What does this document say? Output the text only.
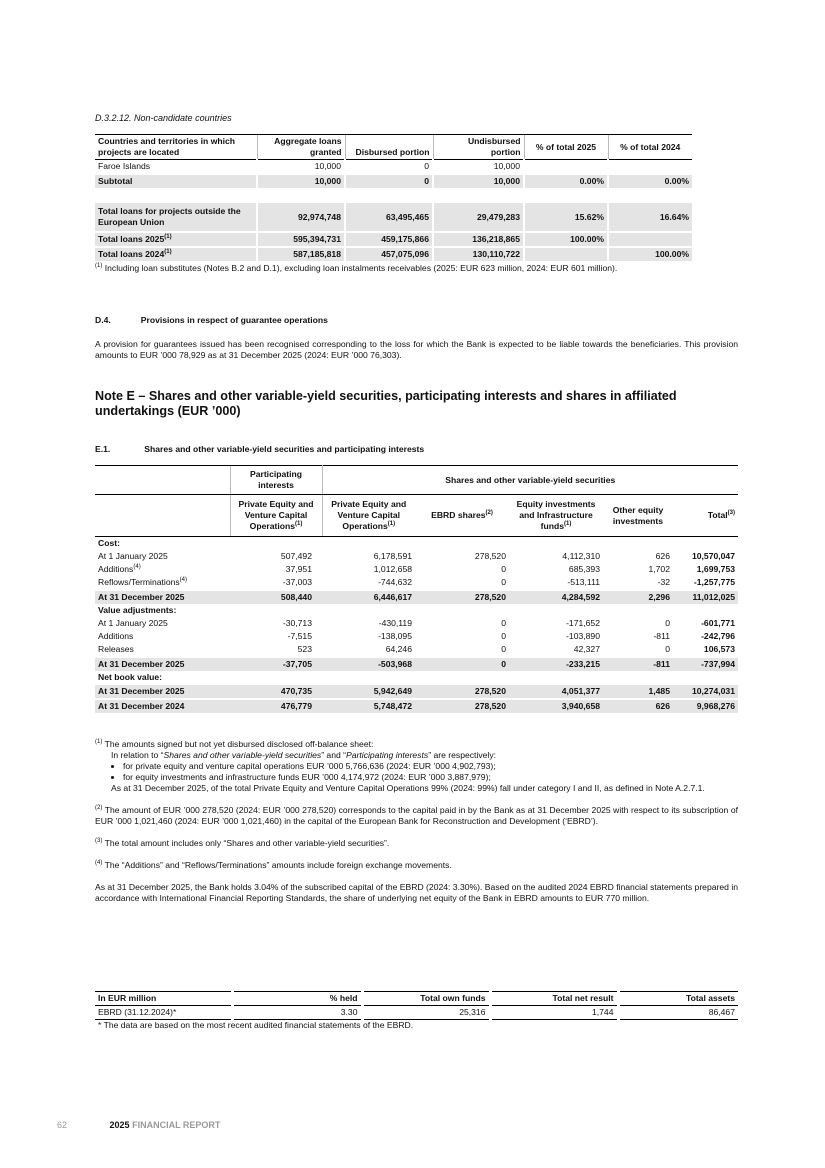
D.3.2.12. Non-candidate countries
Countries and territories in which projects are located	Aggregate loans granted	Disbursed portion	Undisbursed portion	% of total 2025	% of total 2024
Faroe Islands	10,000	0	10,000		
Subtotal	10,000	0	10,000	0.00%	0.00%

Total loans for projects outside the European Union	92,974,748	63,495,465	29,479,283	15.62%	16.64%
Total loans 2025$^{(1)}$	595,394,731	459,175,866	136,218,865	100.00%	
Total loans 2024$^{(1)}$	587,185,818	457,075,096	130,110,722		100.00%
$^{(1)}$ Including loan substitutes (Notes B.2 and D.1), excluding loan instalments receivables (2025: EUR 623 million, 2024: EUR 601 million).
D.4.	Provisions in respect of guarantee operations
A provision for guarantees issued has been recognised corresponding to the loss for which the Bank is expected to be liable towards the beneficiaries. This provision amounts to EUR ’000 78,929 as at 31 December 2025 (2024: EUR ’000 76,303).
Note E – Shares and other variable-yield securities, participating interests and shares in affiliated undertakings (EUR ’000)
E.1.	Shares and other variable-yield securities and participating interests
	Participating interests	Shares and other variable-yield securities				
	Private Equity and Venture Capital Operations$^{(1)}$	Private Equity and Venture Capital Operations$^{(1)}$	EBRD shares$^{(2)}$	Equity investments and Infrastructure funds$^{(1)}$	Other equity investments	Total$^{(3)}$
Cost:						
At 1 January 2025	507,492	6,178,591	278,520	4,112,310	626	10,570,047
Additions$^{(4)}$	37,951	1,012,658	0	685,393	1,702	1,699,753
Reflows/Terminations$^{(4)}$	-37,003	-744,632	0	-513,111	-32	-1,257,775
At 31 December 2025	508,440	6,446,617	278,520	4,284,592	2,296	11,012,025
Value adjustments:						
At 1 January 2025	-30,713	-430,119	0	-171,652	0	-601,771
Additions	-7,515	-138,095	0	-103,890	-811	-242,796
Releases	523	64,246	0	42,327	0	106,573
At 31 December 2025	-37,705	-503,968	0	-233,215	-811	-737,994
Net book value:						
At 31 December 2025	470,735	5,942,649	278,520	4,051,377	1,485	10,274,031
At 31 December 2024	476,779	5,748,472	278,520	3,940,658	626	9,968,276
$^{(1)}$ The amounts signed but not yet disbursed disclosed off-balance sheet:
In relation to “Shares and other variable-yield securities” and “Participating interests” are respectively:
• for private equity and venture capital operations EUR ’000 5,766,636 (2024: EUR ’000 4,902,793);
• for equity investments and infrastructure funds EUR ’000 4,174,972 (2024: EUR ’000 3,887,979);
As at 31 December 2025, of the total Private Equity and Venture Capital Operations 99% (2024: 99%) fall under category I and II, as defined in Note A.2.7.1.
$^{(2)}$ The amount of EUR ’000 278,520 (2024: EUR ’000 278,520) corresponds to the capital paid in by the Bank as at 31 December 2025 with respect to its subscription of EUR ’000 1,021,460 (2024: EUR ’000 1,021,460) in the capital of the European Bank for Reconstruction and Development (‘EBRD’).
$^{(3)}$ The total amount includes only “Shares and other variable-yield securities”.
$^{(4)}$ The “Additions” and “Reflows/Terminations” amounts include foreign exchange movements.
As at 31 December 2025, the Bank holds 3.04% of the subscribed capital of the EBRD (2024: 3.30%). Based on the audited 2024 EBRD financial statements prepared in accordance with International Financial Reporting Standards, the share of underlying net equity of the Bank in EBRD amounts to EUR 770 million.
In EUR million	% held	Total own funds	Total net result	Total assets
EBRD (31.12.2024)*	3.30	25,316	1,744	86,467
* The data are based on the most recent audited financial statements of the EBRD.
62	2025 FINANCIAL REPORT
